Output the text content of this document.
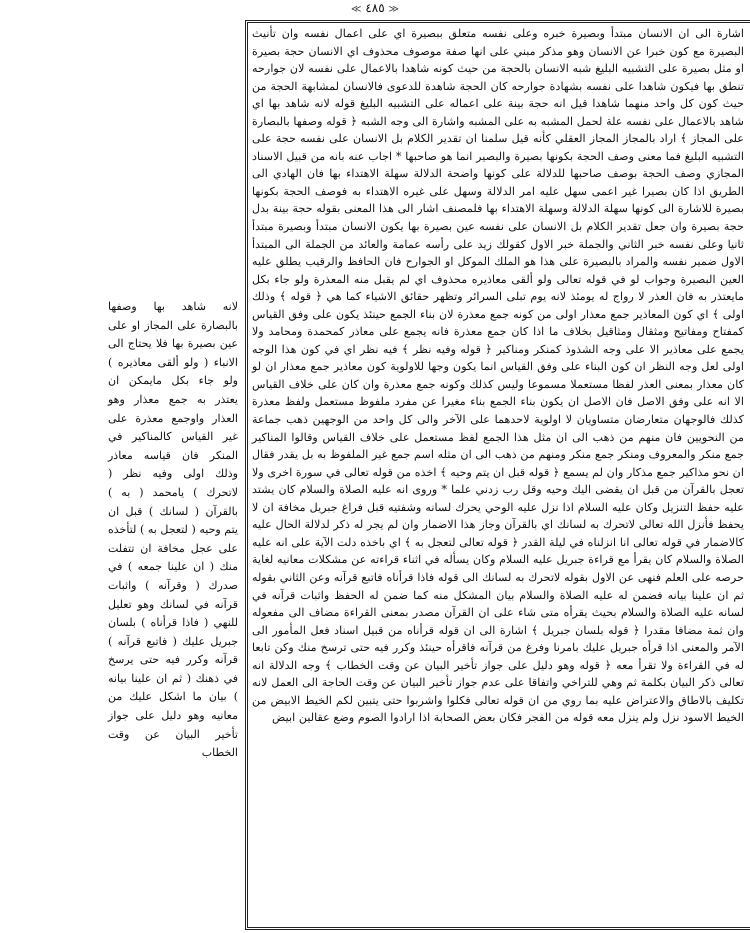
≪ ٤٨٥ ≫

لانه شاهد بها وصفها بالبصارة على المجاز او على عين بصيرة بها فلا يحتاج الى الانباء ( ولو ألقى معاذيره ) ولو جاء بكل مايمكن ان يعتذر به جمع معذار وهو العذار واوجمع معذرة على غير القياس كالمناكير في المنكر فان قياسه معاذر وذلك اولى وفيه نظر ( لاتحرك ) يامحمد ( به ) بالقرآن ( لسانك ) قبل ان يتم وحيه ( لتعجل به ) لتأخذه على عجل مخافة ان تتفلت منك ( ان علينا جمعه ) في صدرك ( وقرآنه ) واثبات قرآنه في لسانك وهو تعليل للنهي ( فاذا قرأناه ) بلسان جبريل عليك ( فاتبع قرآنه ) قرآنه وكرر فيه حتى يرسخ في ذهنك ( ثم ان علينا بيانه ) بيان ما اشكل عليك من معانيه وهو دليل على جواز تأخير البيان عن وقت الخطاب

اشارة الى ان الانسان مبتدأ وبصيرة خبره وعلى نفسه متعلق ببصيرة اي على اعمال نفسه وان تأنيث البصيرة مع كون خبرا عن الانسان وهو مذكر مبني على انها صفة موصوف محذوف اي الانسان حجة بصيرة او مثل بصيرة على التشبيه البليغ شبه الانسان بالحجة من حيث كونه شاهدا بالاعمال على نفسه لان جوارحه تنطق بها فيكون شاهدا على نفسه بشهادة جوارحه كان الحجة شاهدة للدعوى فالانسان لمشابهة الحجة من حيث كون كل واحد منهما شاهدا قيل انه حجة بينة على اعماله على التشبيه البليغ قوله لانه شاهد بها اي شاهد بالاعمال على نفسه علة لحمل المشبه به على المشبه واشارة الى وجه الشبه ﴿ قوله وصفها بالبصارة على المجاز ﴾ اراد بالمجاز المجاز العقلي كأنه قيل سلمنا ان تقدير الكلام بل الانسان على نفسه حجة على التشبيه البليغ فما معنى وصف الحجة بكونها بصيرة والبصير انما هو صاحبها * اجاب عنه بانه من قبيل الاسناد المجازي وصف الحجة بوصف صاحبها للدلالة على كونها واضحة الدلالة سهلة الاهتداء بها فان الهادي الى الطريق اذا كان بصيرا غير اعمى سهل عليه امر الدلالة وسهل على غيره الاهتداء به فوصف الحجة بكونها بصيرة للاشارة الى كونها سهلة الدلالة وسهلة الاهتداء بها فلمصنف اشار الى هذا المعنى بقوله حجة بينة بدل حجة بصيرة وان جعل تقدير الكلام بل الانسان على نفسه عين بصيرة بها يكون الانسان مبتدأ وبصيرة مبتدأ ثانيا وعلى نفسه خبر الثاني والجملة خبر الاول كقولك زيد على رأسه عمامة والعائد من الجملة الى المبتدأ الاول ضمير نفسه والمراد بالبصيرة على هذا هو الملك الموكل او الجوارح فان الحافظ والرقيب يطلق عليه العين البصيرة وجواب لو في قوله تعالى ولو ألقى معاذيره محذوف اي لم يقبل منه المعذرة ولو جاء بكل مايعتذر به فان العذر لا رواج له يومئذ لانه يوم تبلى السرائر وتظهر حقائق الاشياء كما هي ﴿ قوله ﴾ وذلك اولى ﴾ اي كون المعاذير جمع معذار اولى من كونه جمع معذرة لان بناء الجمع حينئذ يكون على وفق القياس كمفتاح ومفاتيح ومثقال ومثاقيل بخلاف ما اذا كان جمع معذرة فانه يجمع على معاذر كمحمدة ومحامد ولا يجمع على معاذير الا على وجه الشذوذ كمنكر ومناكير ﴿ قوله وفيه نظر ﴾ فيه نظر اي في كون هذا الوجه اولى لعل وجه النظر ان كون البناء على وفق القياس انما يكون وجها للاولوية كون معاذير جمع معذار ان لو كان معذار بمعنى العذر لفظا مستعملا مسموعا وليس كذلك وكونه جمع معذرة وان كان على خلاف القياس الا انه على وفق الاصل فان الاصل ان يكون بناء الجمع بناء مغيرا عن مفرد ملفوظ مستعمل ولفظ معذرة كذلك فالوجهان متعارضان متساويان لا اولوية لاحدهما على الآخر والى كل واحد من الوجهين ذهب جماعة من النحويين فان منهم من ذهب الى ان مثل هذا الجمع لفظ مستعمل على خلاف القياس وقالوا المناكير جمع منكر والمعروف ومنكر جمع منكر ومنهم من ذهب الى ان مثله اسم جمع غير الملفوظ به بل يقدر فقال ان نحو مذاكير جمع مذكار وان لم يسمع ﴿ قوله قبل ان يتم وحيه ﴾ اخذه من قوله تعالى في سورة اخرى ولا تعجل بالقرآن من قبل ان يقضى اليك وحيه وقل رب زدني علما * وروى انه عليه الصلاة والسلام كان يشتد عليه حفظ التنزيل وكان عليه السلام اذا نزل عليه الوحي يحرك لسانه وشفتيه قبل فراغ جبريل مخافة ان لا يحفظ فأنزل الله تعالى لاتحرك به لسانك اي بالقرآن وجاز هذا الاضمار وان لم يجر له ذكر لدلالة الحال عليه كالاضمار في قوله تعالى انا انزلناه في ليلة القدر ﴿ قوله تعالى لتعجل به ﴾ اي باخذه دلت الآية على انه عليه الصلاة والسلام كان يقرأ مع قراءة جبريل عليه السلام وكان يسأله في اثناء قراءته عن مشكلات معانيه لغاية حرصه على العلم فنهى عن الاول بقوله لاتحرك به لسانك الى قوله فاذا قرأناه فاتبع قرآنه وعن الثاني بقوله ثم ان علينا بيانه فضمن له عليه الصلاة والسلام بيان المشكل منه كما ضمن له الحفظ واثبات قرآنه في لسانه عليه الصلاة والسلام بحيث يقرأه متى شاء على ان القرآن مصدر بمعنى القراءة مضاف الى مفعوله وان ثمة مضافا مقدرا ﴿ قوله بلسان جبريل ﴾ اشارة الى ان قوله قرأناه من قبيل اسناد فعل المأمور الى الآمر والمعنى اذا قرأه جبريل عليك بامرنا وفرغ من قرآنه فاقرأه حينئذ وكرر فيه حتى ترسخ منك وكن تابعا له في القراءة ولا تقرأ معه ﴿ قوله وهو دليل على جواز تأخير البيان عن وقت الخطاب ﴾ وجه الدلالة انه تعالى ذكر البيان بكلمة ثم وهي للتراخي واتفاقا على عدم جواز تأخير البيان عن وقت الحاجة الى العمل لانه تكليف بالاطاق والاعتراض عليه بما روي من ان قوله تعالى فكلوا واشربوا حتى يتبين لكم الخيط الابيض من الخيط الاسود نزل ولم ينزل معه قوله من الفجر فكان بعض الصحابة اذا ارادوا الصوم وضع عقالين ابيض
